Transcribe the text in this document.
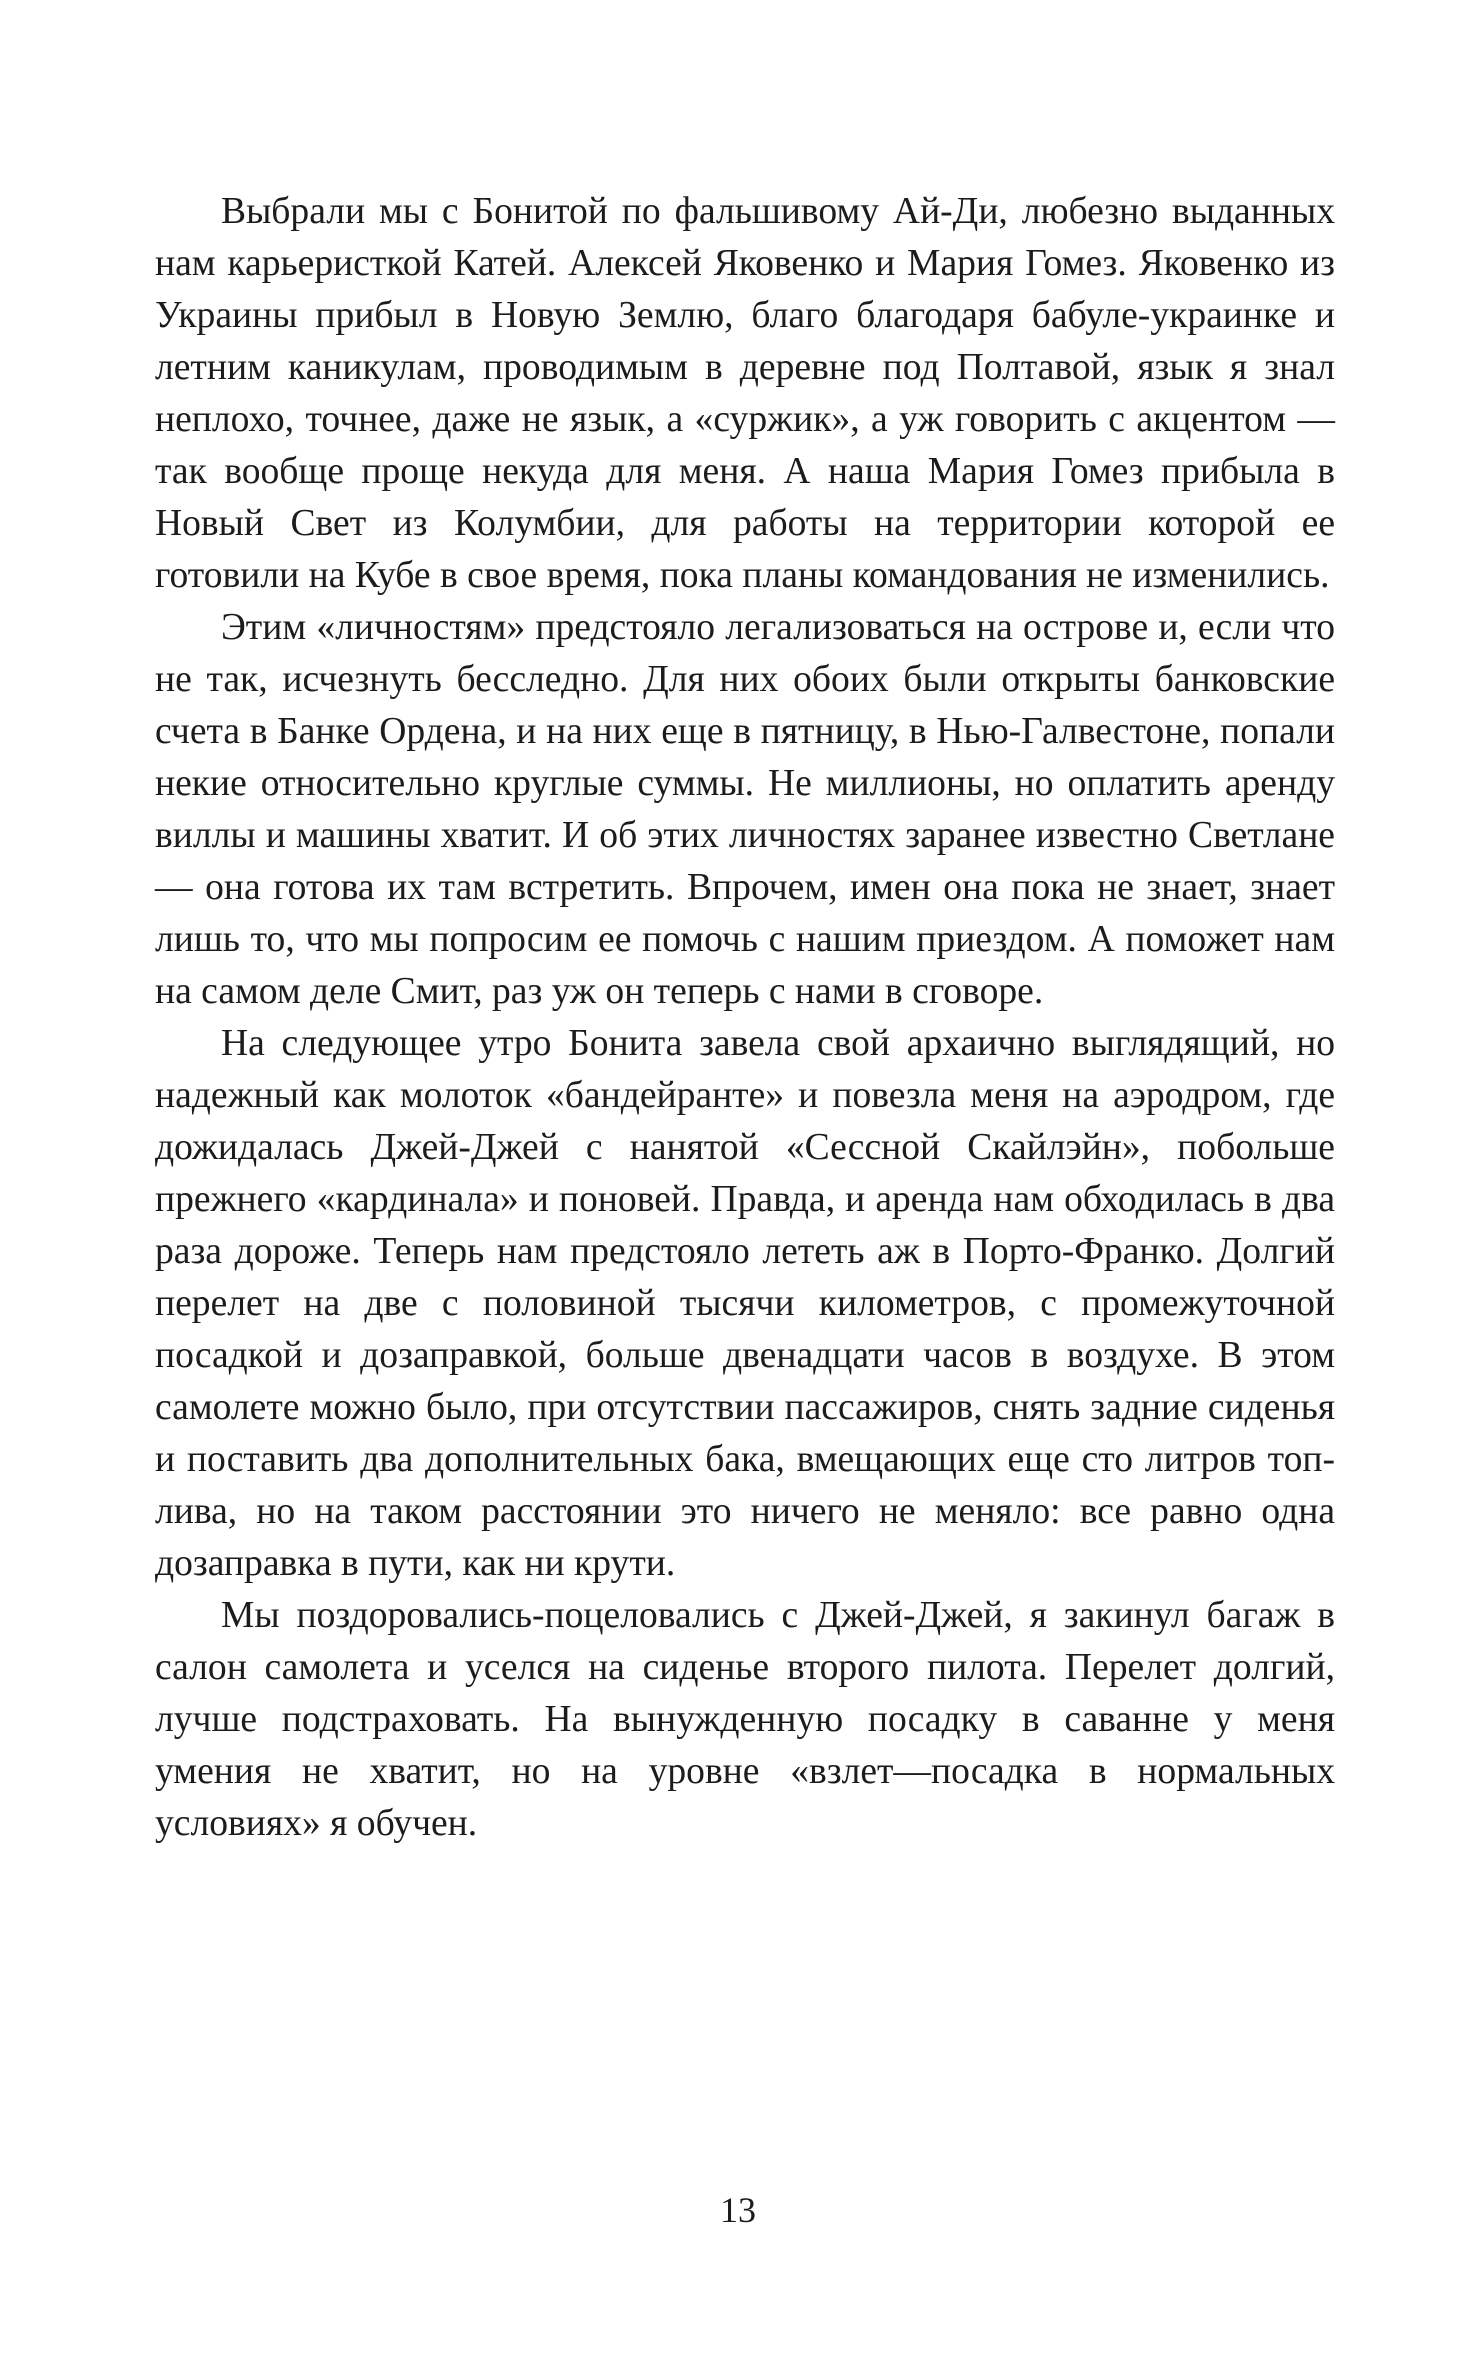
Выбрали мы с Бонитой по фальшивому Ай-Ди, любезно выданных нам карьеристкой Катей. Алексей Яковенко и Мария Гомез. Яковенко из Украины прибыл в Новую Землю, благо благодаря бабуле-украинке и летним каникулам, проводимым в деревне под Полтавой, язык я знал неплохо, точнее, даже не язык, а «суржик», а уж говорить с акцентом — так вообще проще некуда для меня. А наша Мария Гомез прибыла в Новый Свет из Колумбии, для работы на территории которой ее готовили на Кубе в свое время, пока планы командования не изменились.

Этим «личностям» предстояло легализоваться на острове и, если что не так, исчезнуть бесследно. Для них обоих были открыты банковские счета в Банке Ордена, и на них еще в пятницу, в Нью-Галвестоне, попали некие относительно круглые суммы. Не миллионы, но оплатить аренду виллы и машины хватит. И об этих личностях заранее известно Светлане — она готова их там встретить. Впрочем, имен она пока не знает, знает лишь то, что мы попросим ее помочь с нашим приездом. А поможет нам на самом деле Смит, раз уж он теперь с нами в сговоре.

На следующее утро Бонита завела свой архаично выглядящий, но надежный как молоток «бандейранте» и повезла меня на аэродром, где дожидалась Джей-Джей с нанятой «Сессной Скайлэйн», побольше прежнего «кардинала» и поновей. Правда, и аренда нам обходилась в два раза дороже. Теперь нам предстояло лететь аж в Порто-Франко. Долгий перелет на две с половиной тысячи километров, с промежуточной посадкой и дозаправкой, больше двенадцати часов в воздухе. В этом самолете можно было, при отсутствии пассажиров, снять задние сиденья и поставить два дополнительных бака, вмещающих еще сто литров топлива, но на таком расстоянии это ничего не меняло: все равно одна дозаправка в пути, как ни крути.

Мы поздоровались-поцеловались с Джей-Джей, я закинул багаж в салон самолета и уселся на сиденье второго пилота. Перелет долгий, лучше подстраховать. На вынужденную посадку в саванне у меня умения не хватит, но на уровне «взлет—посадка в нормальных условиях» я обучен.

13
